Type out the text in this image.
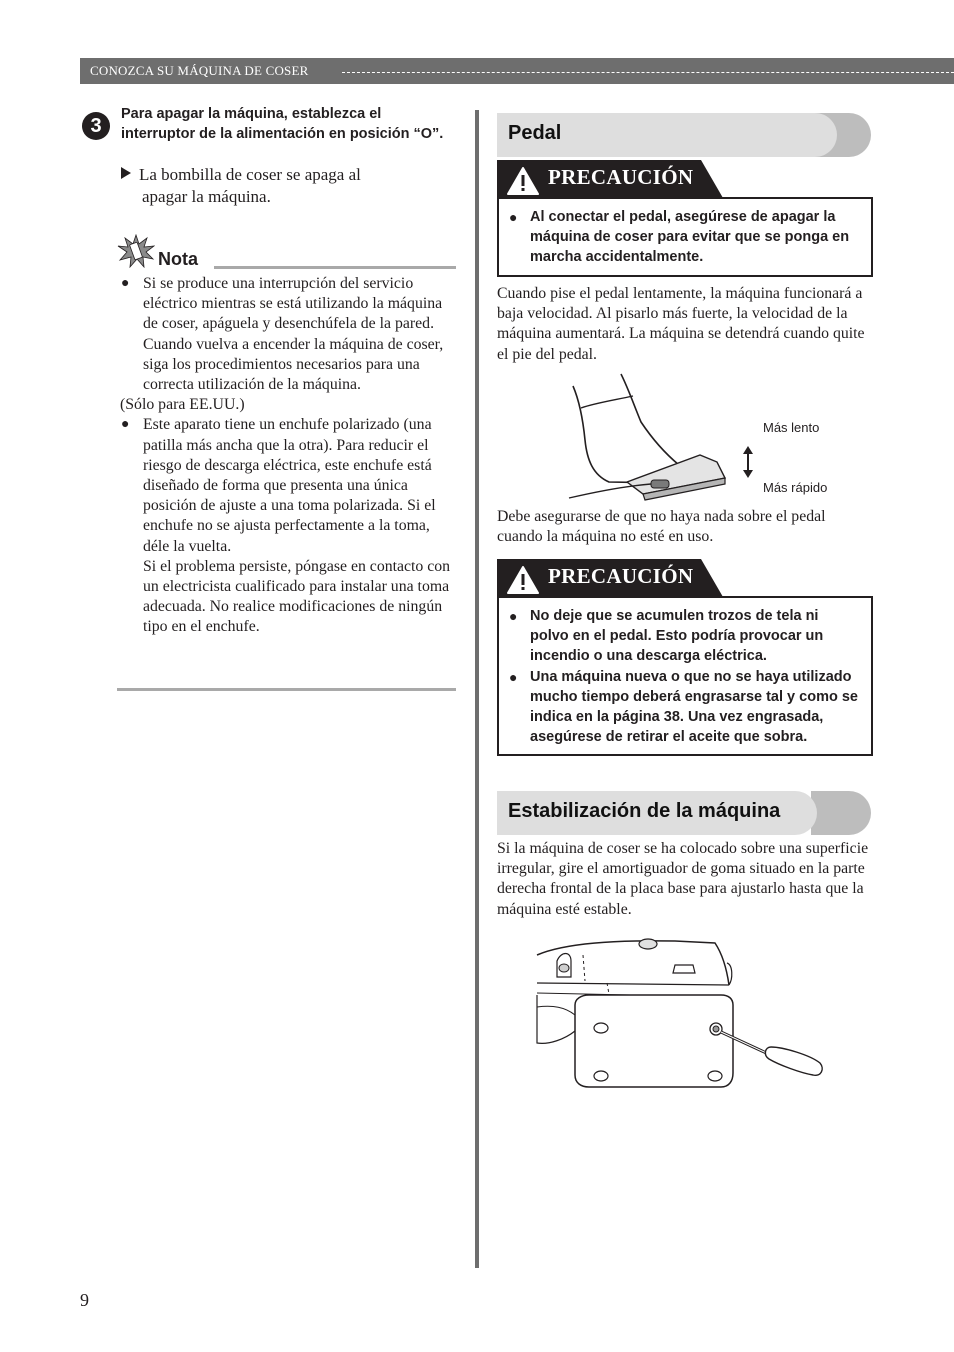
CONOZCA SU MÁQUINA DE COSER
3
Para apagar la máquina, establezca el interruptor de la alimentación en posición “O”.
La bombilla de coser se apaga al
apagar la máquina.
Nota

● Si se produce una interrupción del servicio eléctrico mientras se está utilizando la máquina de coser, apáguela y desenchúfela de la pared. Cuando vuelva a encender la máquina de coser, siga los procedimientos necesarios para una correcta utilización de la máquina.

(Sólo para EE.UU.)

● Este aparato tiene un enchufe polarizado (una patilla más ancha que la otra). Para reducir el riesgo de descarga eléctrica, este enchufe está diseñado de forma que presenta una única posición de ajuste a una toma polarizada. Si el enchufe no se ajusta perfectamente a la toma, déle la vuelta.

Si el problema persiste, póngase en contacto con un electricista cualificado para instalar una toma adecuada. No realice modificaciones de ningún tipo en el enchufe.

Pedal
PRECAUCIÓN

● Al conectar el pedal, asegúrese de apagar la máquina de coser para evitar que se ponga en marcha accidentalmente.

Cuando pise el pedal lentamente, la máquina funcionará a baja velocidad. Al pisarlo más fuerte, la velocidad de la máquina aumentará. La máquina se detendrá cuando quite el pie del pedal.
Más lento
Más rápido
Debe asegurarse de que no haya nada sobre el pedal cuando la máquina no esté en uso.
PRECAUCIÓN

● No deje que se acumulen trozos de tela ni polvo en el pedal. Esto podría provocar un incendio o una descarga eléctrica.

● Una máquina nueva o que no se haya utilizado mucho tiempo deberá engrasarse tal y como se indica en la página 38. Una vez engrasada, asegúrese de retirar el aceite que sobra.

Estabilización de la máquina
Si la máquina de coser se ha colocado sobre una superficie irregular, gire el amortiguador de goma situado en la parte derecha frontal de la placa base para ajustarlo hasta que la máquina esté estable.
9
